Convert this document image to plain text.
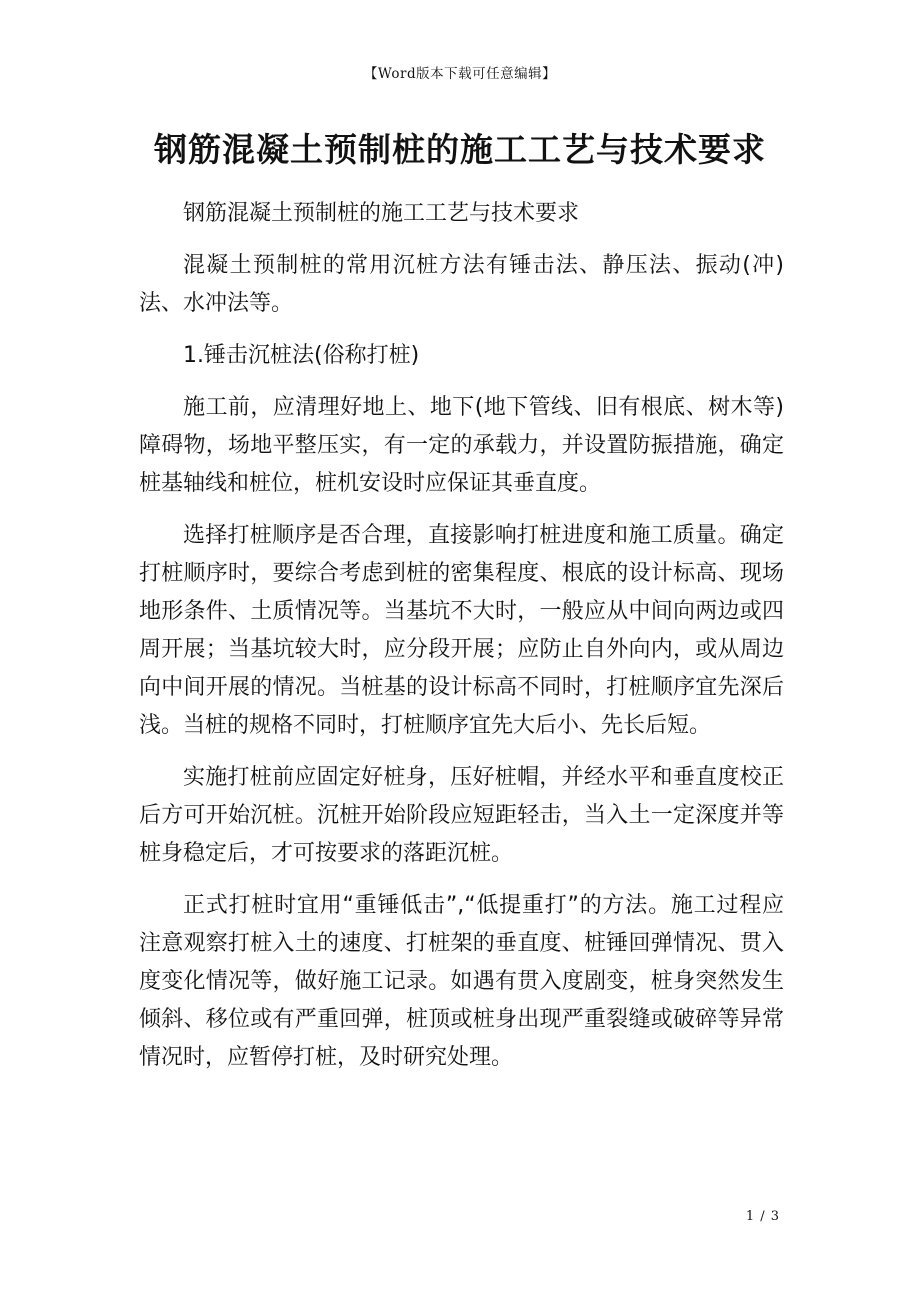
【Word版本下载可任意编辑】
钢筋混凝土预制桩的施工工艺与技术要求

钢筋混凝土预制桩的施工工艺与技术要求

混凝土预制桩的常用沉桩方法有锤击法、静压法、振动(冲)法、水冲法等。

1.锤击沉桩法(俗称打桩)

施工前，应清理好地上、地下(地下管线、旧有根底、树木等)障碍物，场地平整压实，有一定的承载力，并设置防振措施，确定桩基轴线和桩位，桩机安设时应保证其垂直度。

选择打桩顺序是否合理，直接影响打桩进度和施工质量。确定打桩顺序时，要综合考虑到桩的密集程度、根底的设计标高、现场地形条件、土质情况等。当基坑不大时，一般应从中间向两边或四周开展；当基坑较大时，应分段开展；应防止自外向内，或从周边向中间开展的情况。当桩基的设计标高不同时，打桩顺序宜先深后浅。当桩的规格不同时，打桩顺序宜先大后小、先长后短。

实施打桩前应固定好桩身，压好桩帽，并经水平和垂直度校正后方可开始沉桩。沉桩开始阶段应短距轻击，当入土一定深度并等桩身稳定后，才可按要求的落距沉桩。

正式打桩时宜用“重锤低击”,“低提重打”的方法。施工过程应注意观察打桩入土的速度、打桩架的垂直度、桩锤回弹情况、贯入度变化情况等，做好施工记录。如遇有贯入度剧变，桩身突然发生倾斜、移位或有严重回弹，桩顶或桩身出现严重裂缝或破碎等异常情况时，应暂停打桩，及时研究处理。

1 / 3
